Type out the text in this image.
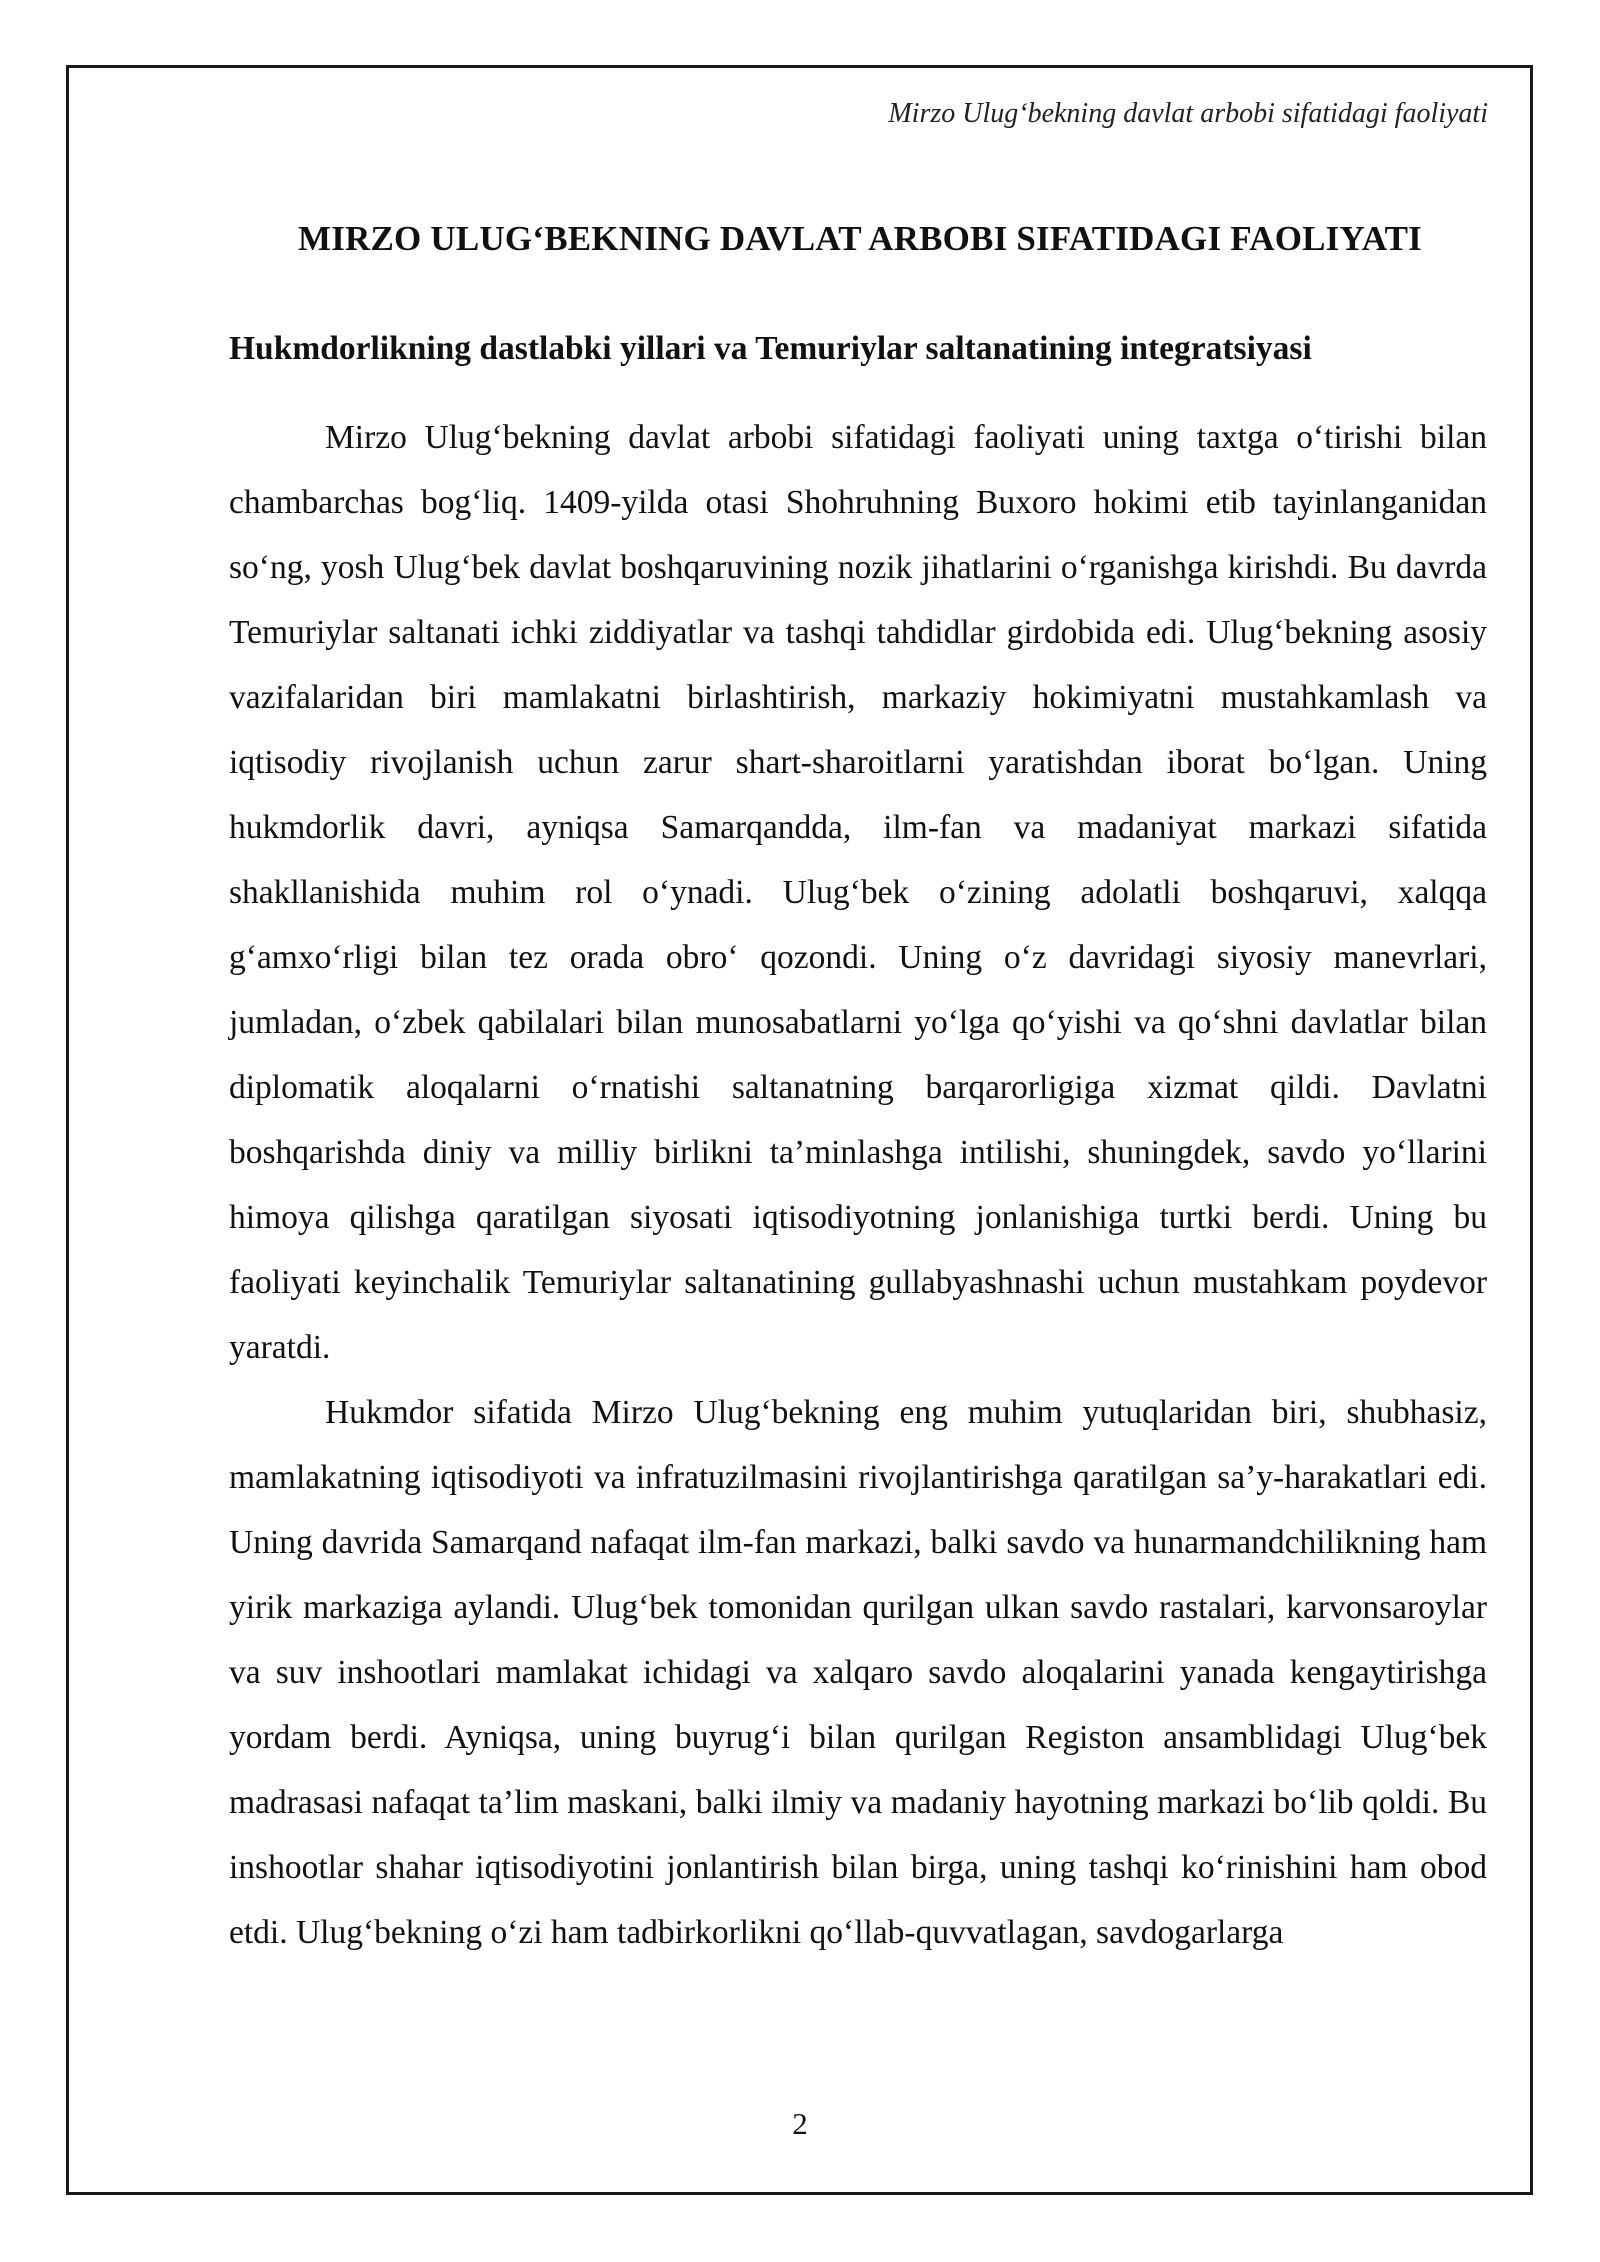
Mirzo Ulug‘bekning davlat arbobi sifatidagi faoliyati
MIRZO ULUG‘BEKNING DAVLAT ARBOBI SIFATIDAGI FAOLIYATI
Hukmdorlikning dastlabki yillari va Temuriylar saltanatining integratsiyasi

Mirzo Ulug‘bekning davlat arbobi sifatidagi faoliyati uning taxtga o‘tirishi bilan chambarchas bog‘liq. 1409-yilda otasi Shohruhning Buxoro hokimi etib tayinlanganidan so‘ng, yosh Ulug‘bek davlat boshqaruvining nozik jihatlarini o‘rganishga kirishdi. Bu davrda Temuriylar saltanati ichki ziddiyatlar va tashqi tahdidlar girdobida edi. Ulug‘bekning asosiy vazifalaridan biri mamlakatni birlashtirish, markaziy hokimiyatni mustahkamlash va iqtisodiy rivojlanish uchun zarur shart-sharoitlarni yaratishdan iborat bo‘lgan. Uning hukmdorlik davri, ayniqsa Samarqandda, ilm-fan va madaniyat markazi sifatida shakllanishida muhim rol o‘ynadi. Ulug‘bek o‘zining adolatli boshqaruvi, xalqqa g‘amxo‘rligi bilan tez orada obro‘ qozondi. Uning o‘z davridagi siyosiy manevrlari, jumladan, o‘zbek qabilalari bilan munosabatlarni yo‘lga qo‘yishi va qo‘shni davlatlar bilan diplomatik aloqalarni o‘rnatishi saltanatning barqarorligiga xizmat qildi. Davlatni boshqarishda diniy va milliy birlikni ta’minlashga intilishi, shuningdek, savdo yo‘llarini himoya qilishga qaratilgan siyosati iqtisodiyotning jonlanishiga turtki berdi. Uning bu faoliyati keyinchalik Temuriylar saltanatining gullabyashnashi uchun mustahkam poydevor yaratdi.

Hukmdor sifatida Mirzo Ulug‘bekning eng muhim yutuqlaridan biri, shubhasiz, mamlakatning iqtisodiyoti va infratuzilmasini rivojlantirishga qaratilgan sa’y-harakatlari edi. Uning davrida Samarqand nafaqat ilm-fan markazi, balki savdo va hunarmandchilikning ham yirik markaziga aylandi. Ulug‘bek tomonidan qurilgan ulkan savdo rastalari, karvonsaroylar va suv inshootlari mamlakat ichidagi va xalqaro savdo aloqalarini yanada kengaytirishga yordam berdi. Ayniqsa, uning buyrug‘i bilan qurilgan Registon ansamblidagi Ulug‘bek madrasasi nafaqat ta’lim maskani, balki ilmiy va madaniy hayotning markazi bo‘lib qoldi. Bu inshootlar shahar iqtisodiyotini jonlantirish bilan birga, uning tashqi ko‘rinishini ham obod etdi. Ulug‘bekning o‘zi ham tadbirkorlikni qo‘llab-quvvatlagan, savdogarlarga

2
